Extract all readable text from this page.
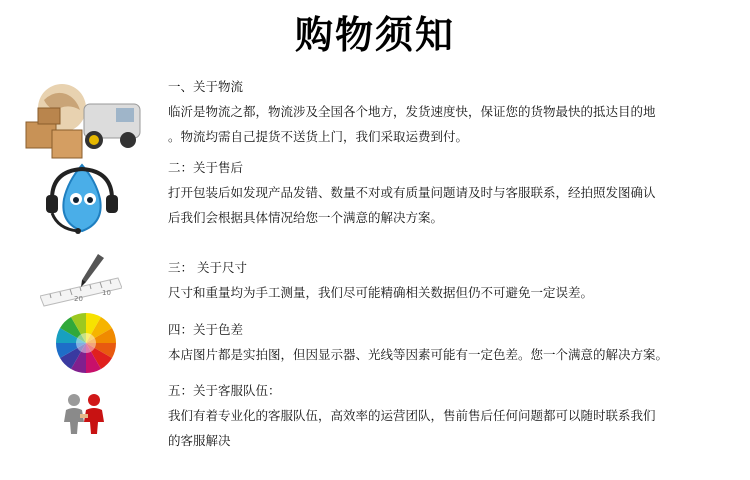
购物须知
一、关于物流
临沂是物流之都，物流涉及全国各个地方，发货速度快，保证您的货物最快的抵达目的地
。物流均需自己提货不送货上门，我们采取运费到付。
二：关于售后
打开包装后如发现产品发错、数量不对或有质量问题请及时与客服联系，经拍照发图确认
后我们会根据具体情况给您一个满意的解决方案。
20
10
三： 关于尺寸
尺寸和重量均为手工测量，我们尽可能精确相关数据但仍不可避免一定误差。
四：关于色差
本店图片都是实拍图，但因显示器、光线等因素可能有一定色差。您一个满意的解决方案。
五：关于客服队伍：
我们有着专业化的客服队伍，高效率的运营团队，售前售后任何问题都可以随时联系我们
的客服解决
